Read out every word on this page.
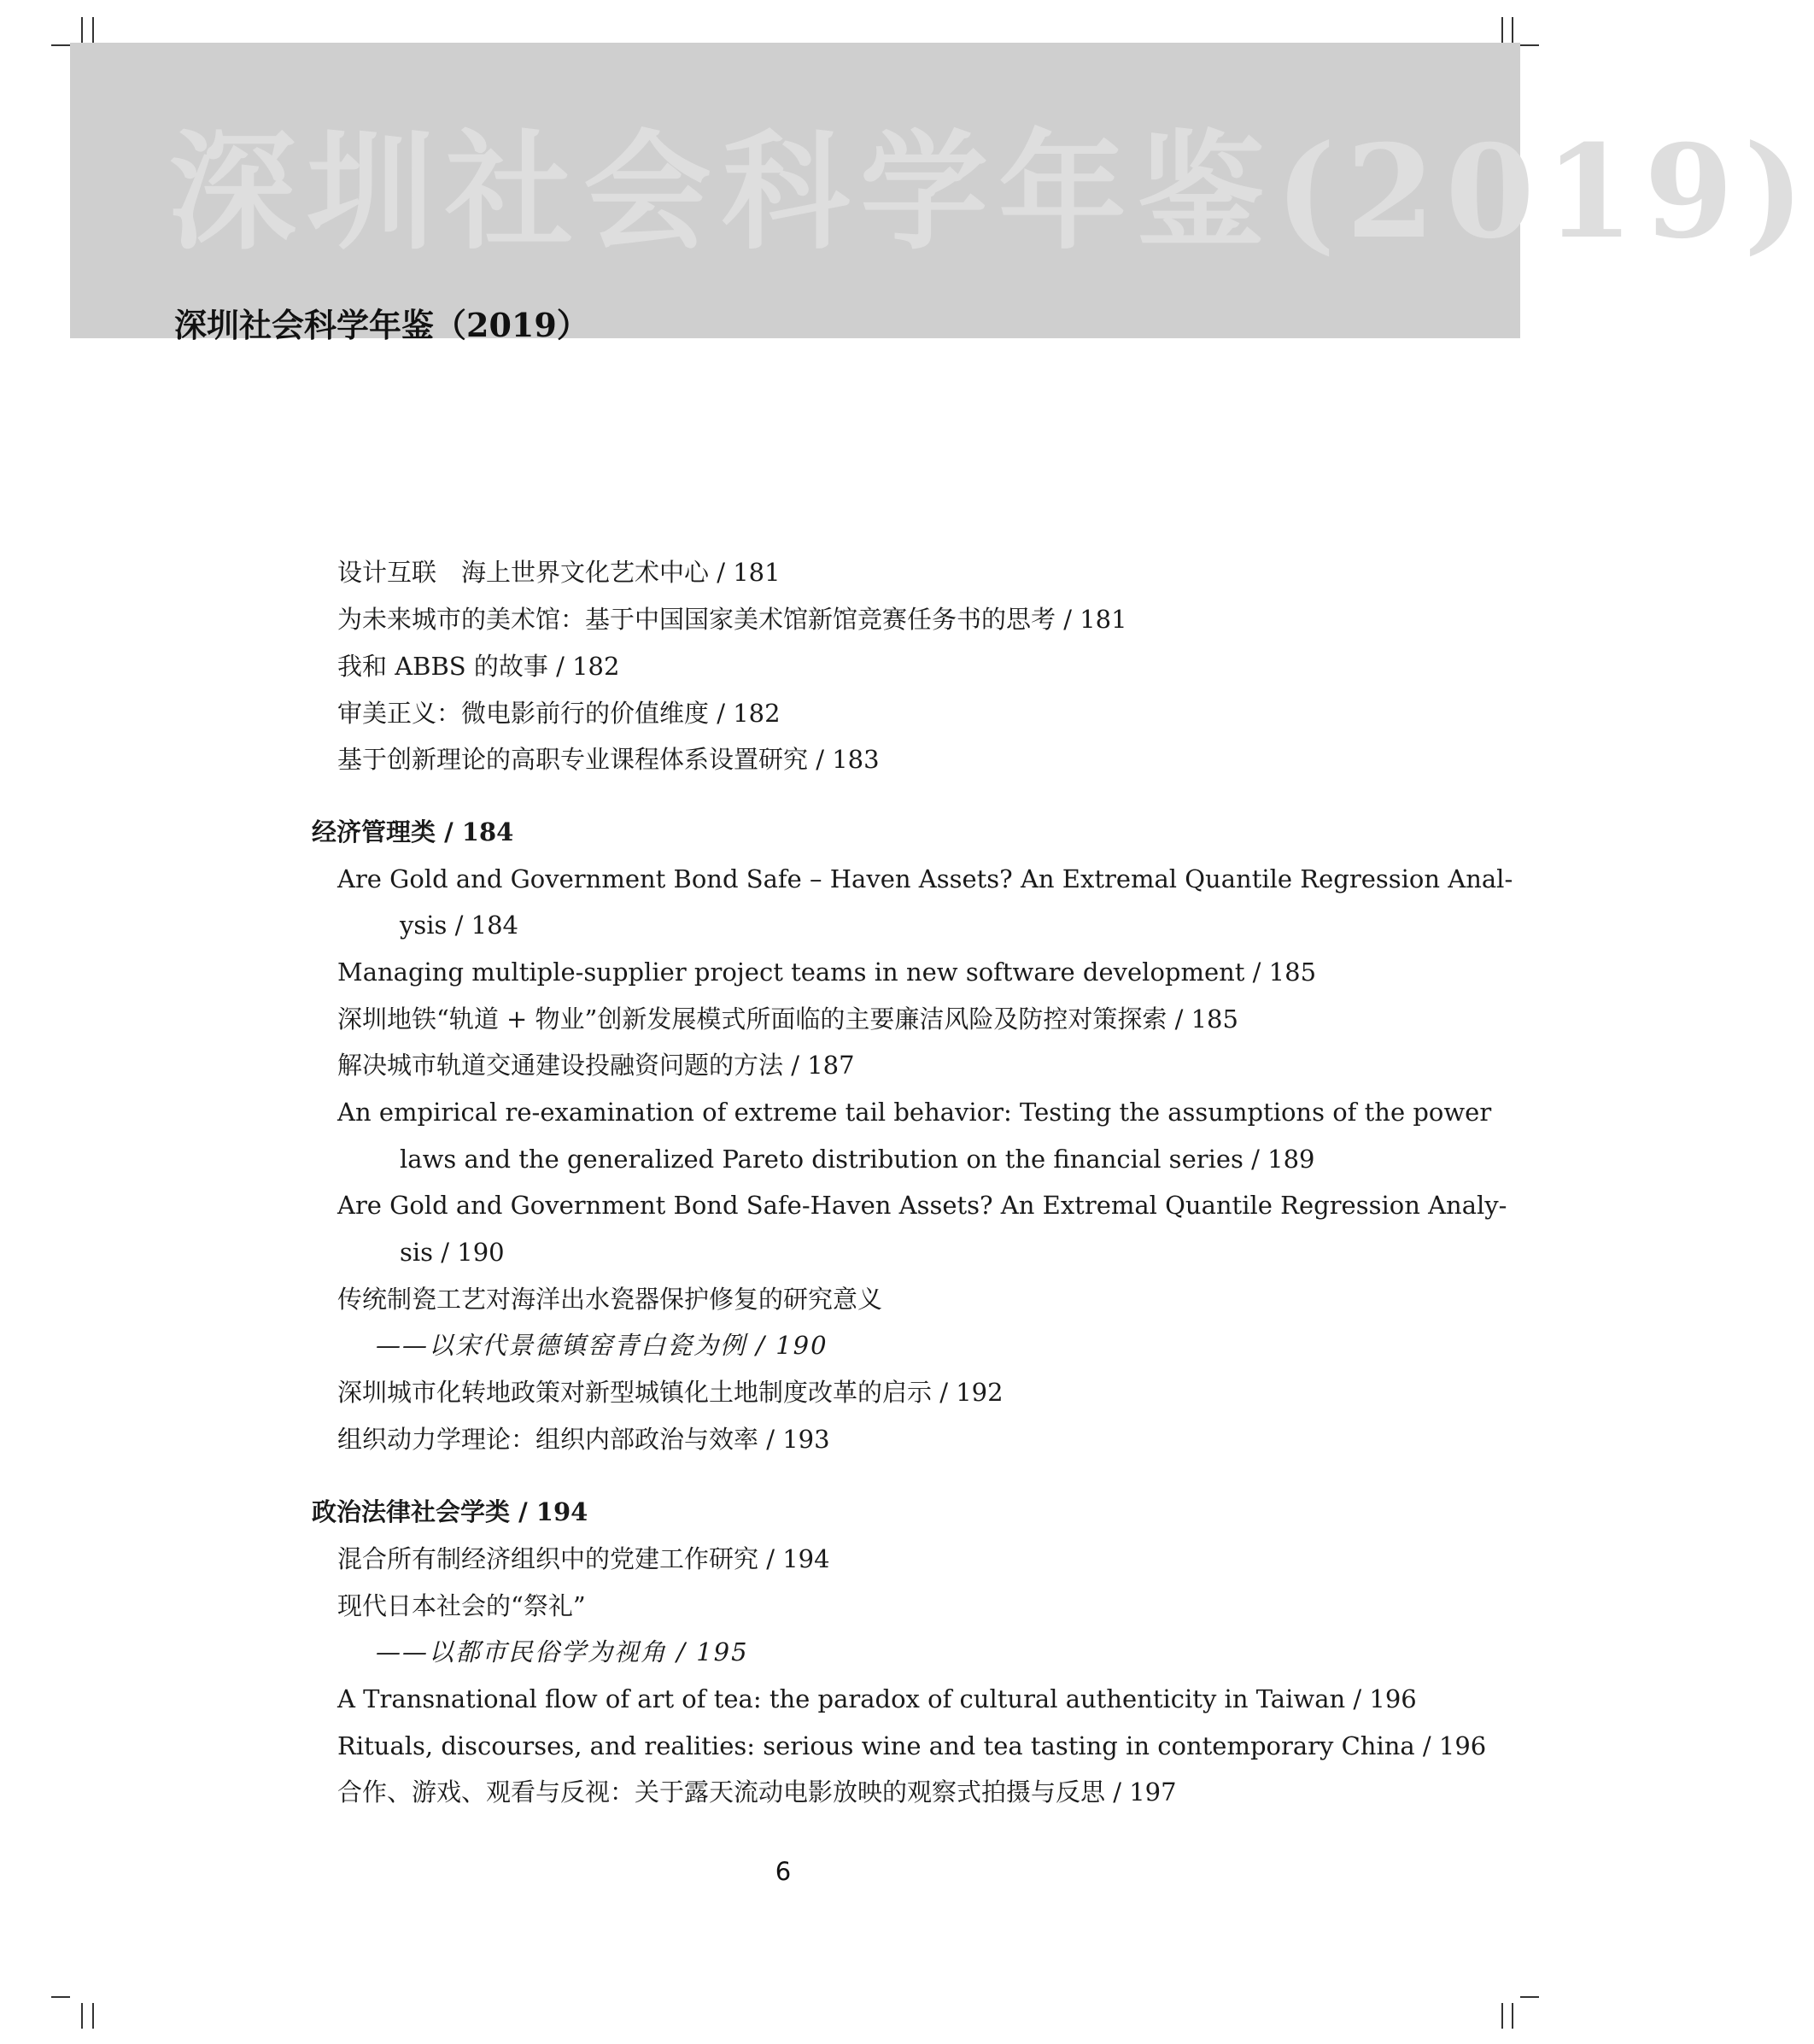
深圳社会科学年鉴(2019)
深圳社会科学年鉴（2019）
设计互联　海上世界文化艺术中心 / 181
为未来城市的美术馆：基于中国国家美术馆新馆竞赛任务书的思考 / 181
我和 ABBS 的故事 / 182
审美正义：微电影前行的价值维度 / 182
基于创新理论的高职专业课程体系设置研究 / 183
经济管理类 / 184
Are Gold and Government Bond Safe – Haven Assets? An Extremal Quantile Regression Anal-
ysis / 184
Managing multiple-supplier project teams in new software development / 185
深圳地铁“轨道 + 物业”创新发展模式所面临的主要廉洁风险及防控对策探索 / 185
解决城市轨道交通建设投融资问题的方法 / 187
An empirical re-examination of extreme tail behavior: Testing the assumptions of the power
laws and the generalized Pareto distribution on the financial series / 189
Are Gold and Government Bond Safe-Haven Assets? An Extremal Quantile Regression Analy-
sis / 190
传统制瓷工艺对海洋出水瓷器保护修复的研究意义
——以宋代景德镇窑青白瓷为例 / 190
深圳城市化转地政策对新型城镇化土地制度改革的启示 / 192
组织动力学理论：组织内部政治与效率 / 193
政治法律社会学类 / 194
混合所有制经济组织中的党建工作研究 / 194
现代日本社会的“祭礼”
——以都市民俗学为视角 / 195
A Transnational flow of art of tea: the paradox of cultural authenticity in Taiwan / 196
Rituals, discourses, and realities: serious wine and tea tasting in contemporary China / 196
合作、游戏、观看与反视：关于露天流动电影放映的观察式拍摄与反思 / 197
6
